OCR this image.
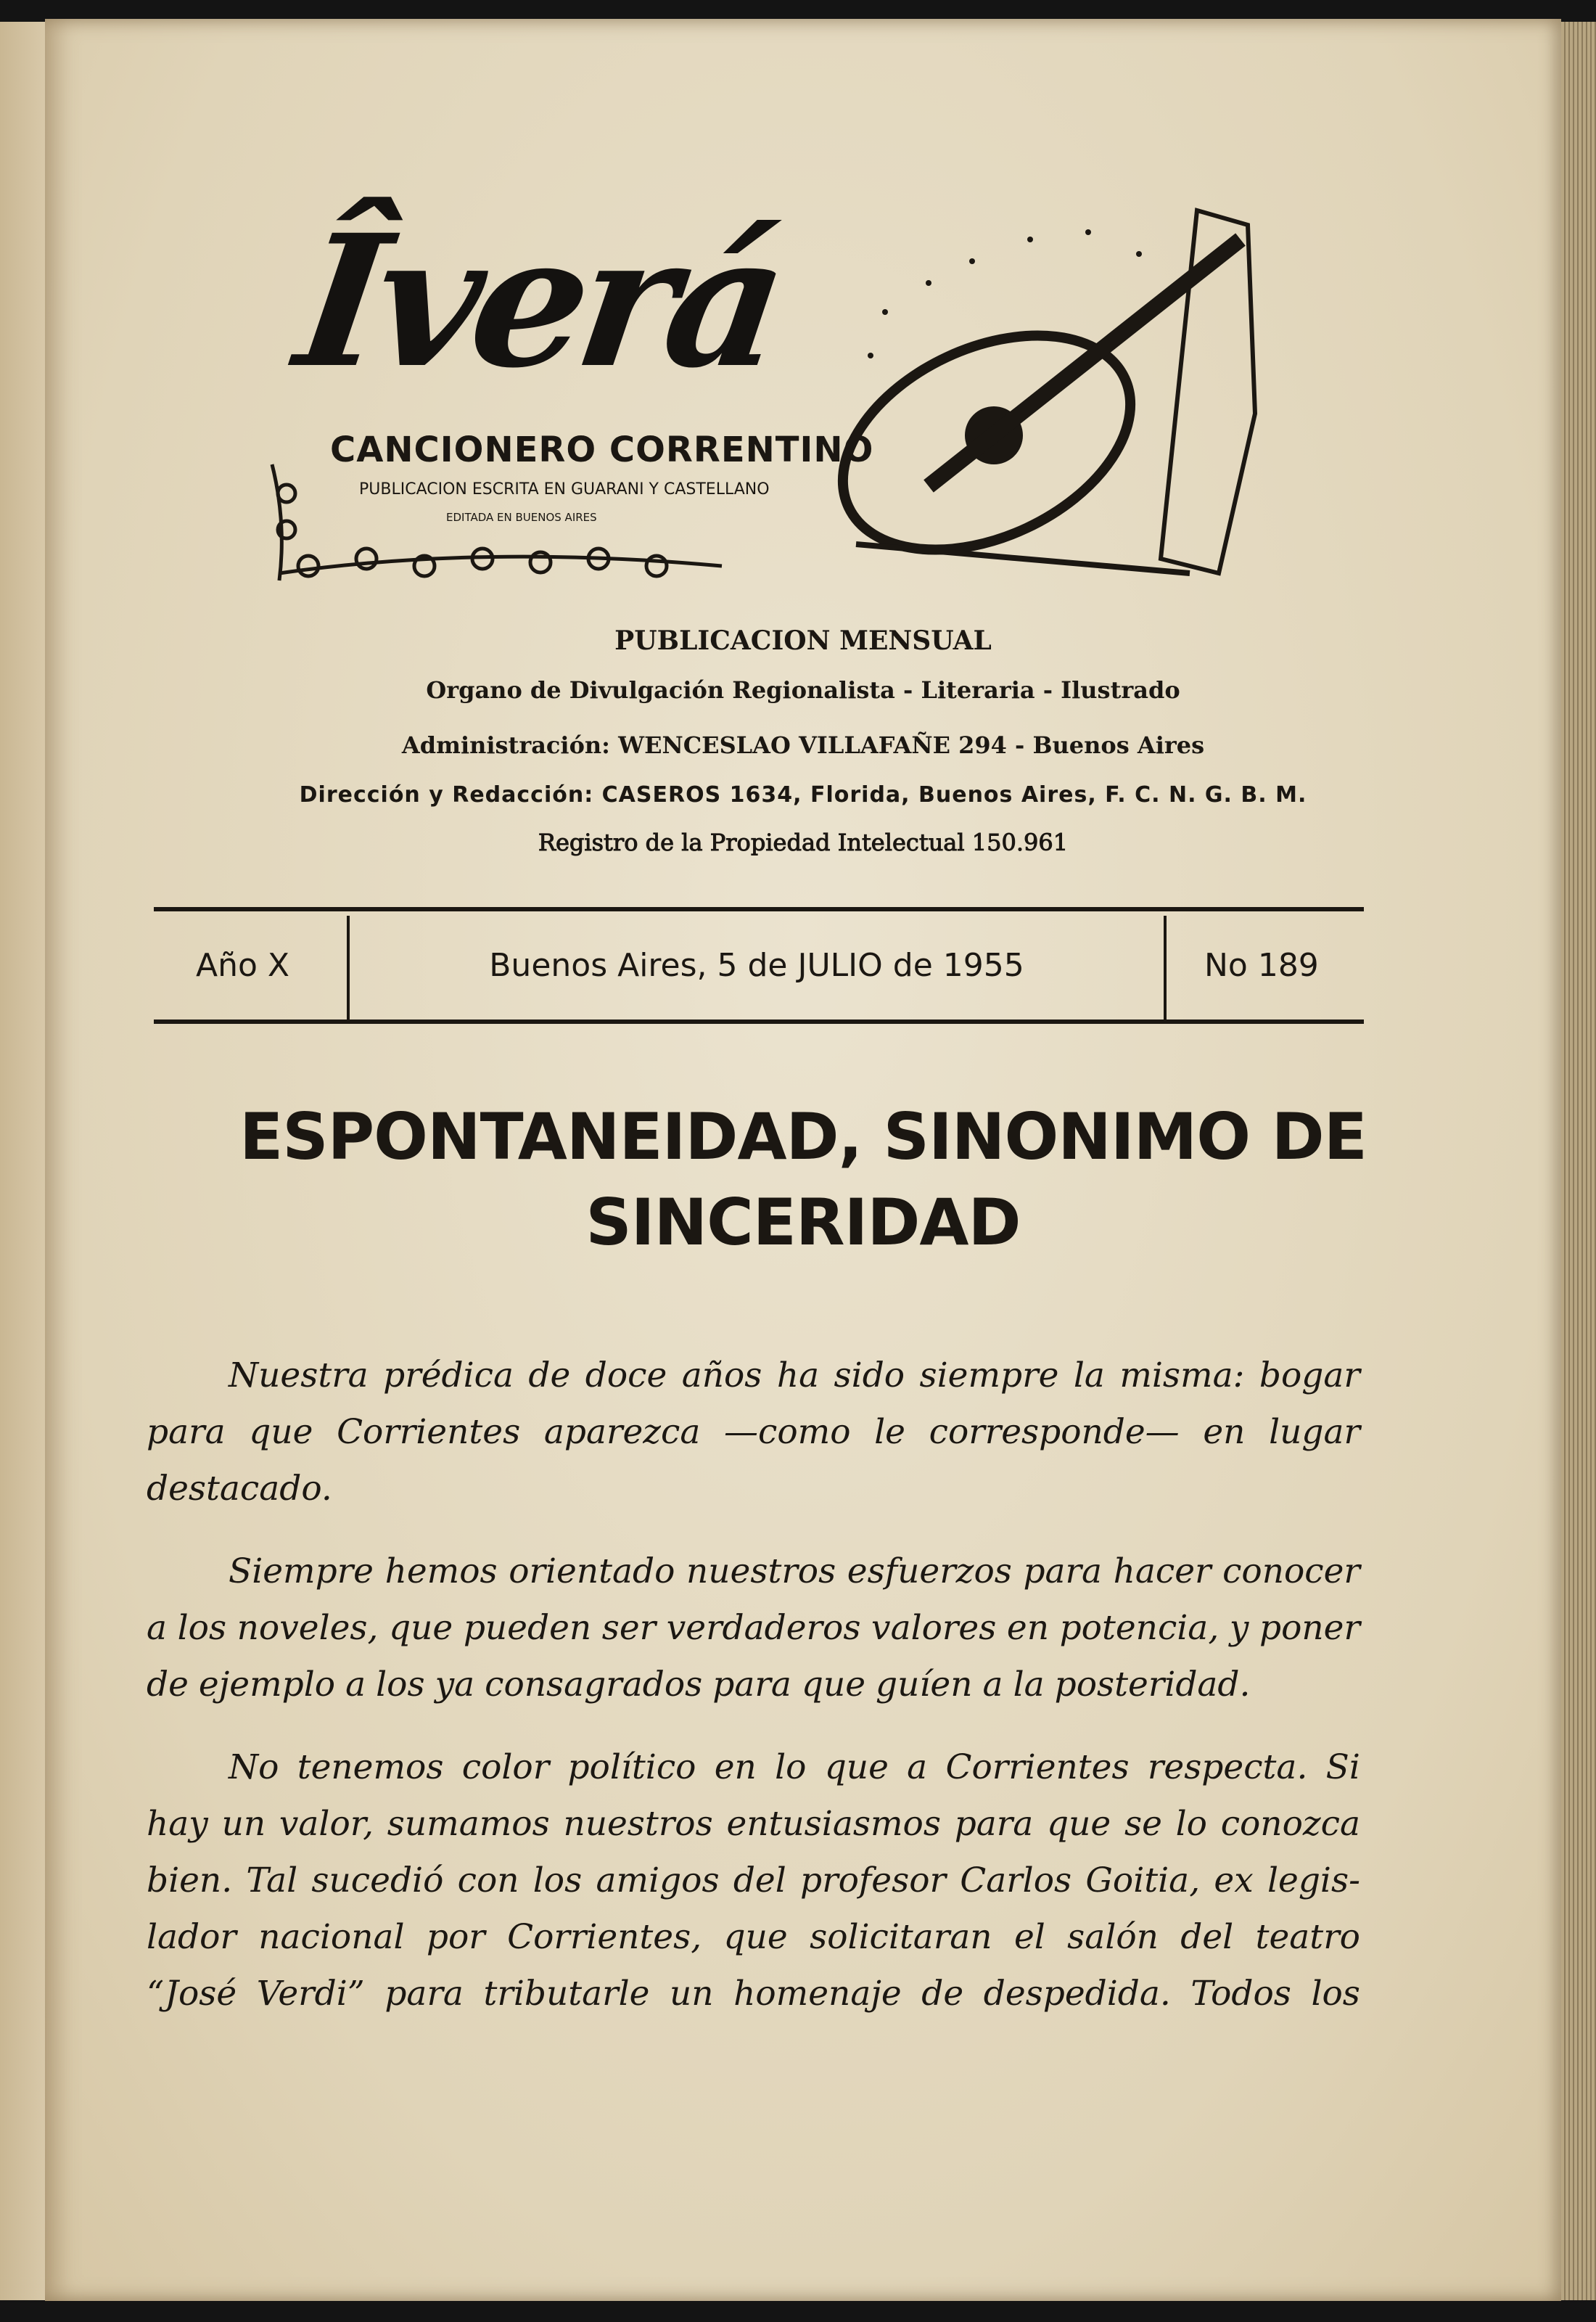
Îverá
CANCIONERO CORRENTINO
PUBLICACION ESCRITA EN GUARANI Y CASTELLANO
EDITADA EN BUENOS AIRES
PUBLICACION MENSUAL
Organo de Divulgación Regionalista - Literaria - Ilustrado
Administración: WENCESLAO VILLAFAÑE 294 - Buenos Aires
Dirección y Redacción: CASEROS 1634, Florida, Buenos Aires, F. C. N. G. B. M.
Registro de la Propiedad Intelectual 150.961
Año X	Buenos Aires, 5 de JULIO de 1955	No 189
ESPONTANEIDAD, SINONIMO DE
SINCERIDAD
Nuestra prédica de doce años ha sido siempre la misma: bogar
para que Corrientes aparezca —como le corresponde— en lugar
destacado.
Siempre hemos orientado nuestros esfuerzos para hacer conocer
a los noveles, que pueden ser verdaderos valores en potencia, y poner
de ejemplo a los ya consagrados para que guíen a la posteridad.
No tenemos color político en lo que a Corrientes respecta. Si
hay un valor, sumamos nuestros entusiasmos para que se lo conozca
bien. Tal sucedió con los amigos del profesor Carlos Goitia, ex legis-
lador nacional por Corrientes, que solicitaran el salón del teatro
“José Verdi” para tributarle un homenaje de despedida. Todos los
